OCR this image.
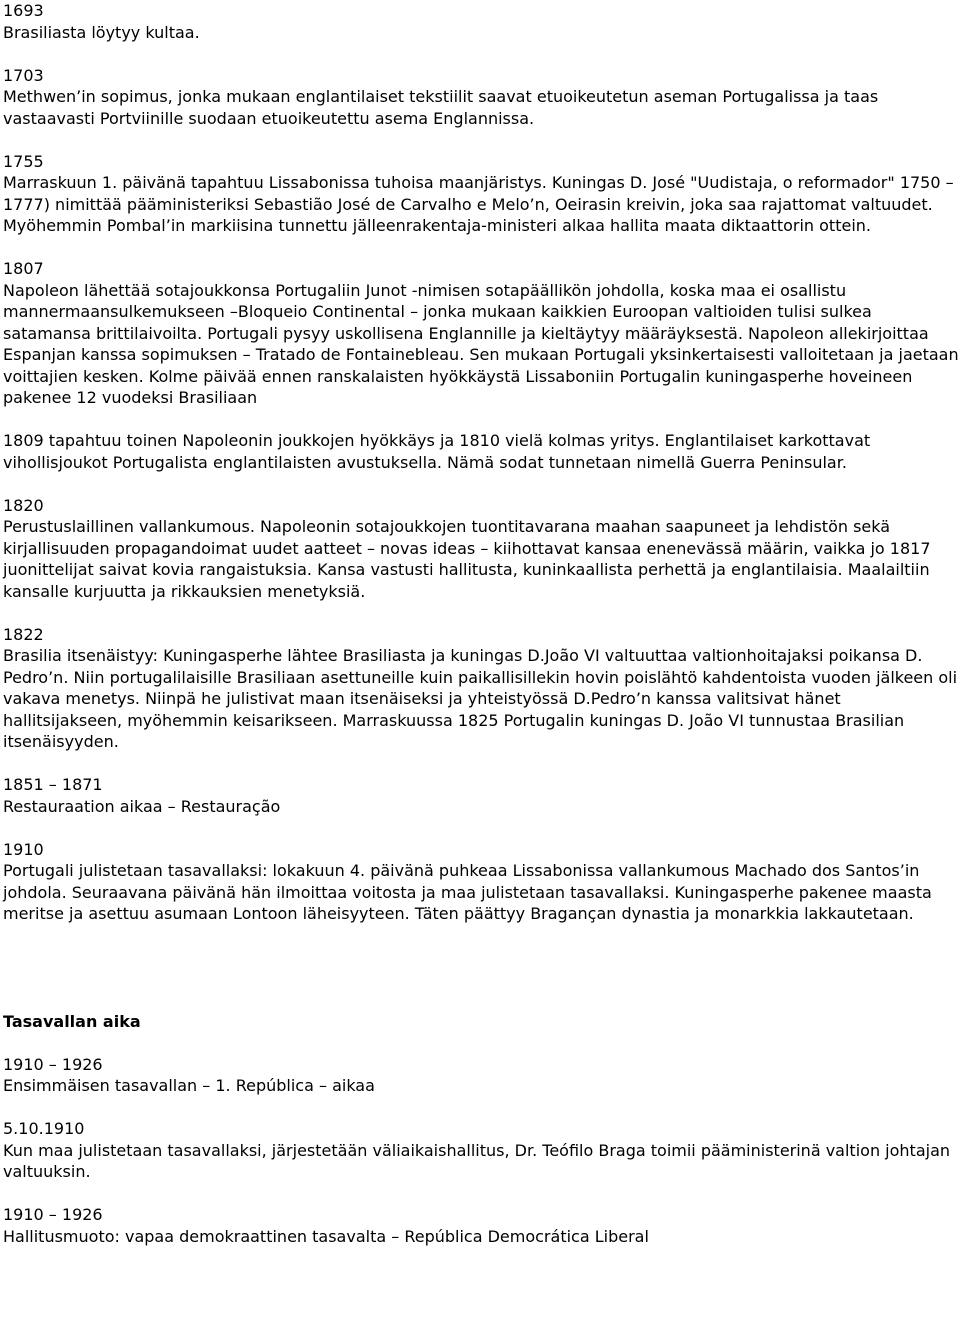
1693

Brasiliasta löytyy kultaa.

1703

Methwen’in sopimus, jonka mukaan englantilaiset tekstiilit saavat etuoikeutetun aseman Portugalissa ja taas vastaavasti Portviinille suodaan etuoikeutettu asema Englannissa.

1755

Marraskuun 1. päivänä tapahtuu Lissabonissa tuhoisa maanjäristys. Kuningas D. José "Uudistaja, o reformador" 1750 – 1777) nimittää pääministeriksi Sebastião José de Carvalho e Melo’n, Oeirasin kreivin, joka saa rajattomat valtuudet. Myöhemmin Pombal’in markiisina tunnettu jälleenrakentaja-ministeri alkaa hallita maata diktaattorin ottein.

1807

Napoleon lähettää sotajoukkonsa Portugaliin Junot -nimisen sotapäällikön johdolla, koska maa ei osallistu mannermaansulkemukseen –Bloqueio Continental – jonka mukaan kaikkien Euroopan valtioiden tulisi sulkea satamansa brittilaivoilta. Portugali pysyy uskollisena Englannille ja kieltäytyy määräyksestä. Napoleon allekirjoittaa Espanjan kanssa sopimuksen – Tratado de Fontainebleau. Sen mukaan Portugali yksinkertaisesti valloitetaan ja jaetaan voittajien kesken. Kolme päivää ennen ranskalaisten hyökkäystä Lissaboniin Portugalin kuningasperhe hoveineen pakenee 12 vuodeksi Brasiliaan

1809 tapahtuu toinen Napoleonin joukkojen hyökkäys ja 1810 vielä kolmas yritys. Englantilaiset karkottavat vihollisjoukot Portugalista englantilaisten avustuksella. Nämä sodat tunnetaan nimellä Guerra Peninsular.

1820

Perustuslaillinen vallankumous. Napoleonin sotajoukkojen tuontitavarana maahan saapuneet ja lehdistön sekä kirjallisuuden propagandoimat uudet aatteet – novas ideas – kiihottavat kansaa enenevässä määrin, vaikka jo 1817 juonittelijat saivat kovia rangaistuksia. Kansa vastusti hallitusta, kuninkaallista perhettä ja englantilaisia. Maalailtiin kansalle kurjuutta ja rikkauksien menetyksiä.

1822

Brasilia itsenäistyy: Kuningasperhe lähtee Brasiliasta ja kuningas D.João VI valtuuttaa valtionhoitajaksi poikansa D. Pedro’n. Niin portugalilaisille Brasiliaan asettuneille kuin paikallisillekin hovin poislähtö kahdentoista vuoden jälkeen oli vakava menetys. Niinpä he julistivat maan itsenäiseksi ja yhteistyössä D.Pedro’n kanssa valitsivat hänet hallitsijakseen, myöhemmin keisarikseen. Marraskuussa 1825 Portugalin kuningas D. João VI tunnustaa Brasilian itsenäisyyden.

1851 – 1871

Restauraation aikaa – Restauração

1910

Portugali julistetaan tasavallaksi: lokakuun 4. päivänä puhkeaa Lissabonissa vallankumous Machado dos Santos’in johdola. Seuraavana päivänä hän ilmoittaa voitosta ja maa julistetaan tasavallaksi. Kuningasperhe pakenee maasta meritse ja asettuu asumaan Lontoon läheisyyteen. Täten päättyy Bragançan dynastia ja monarkkia lakkautetaan.

Tasavallan aika

1910 – 1926

Ensimmäisen tasavallan – 1. República – aikaa

5.10.1910

Kun maa julistetaan tasavallaksi, järjestetään väliaikaishallitus, Dr. Teófilo Braga toimii pääministerinä valtion johtajan valtuuksin.

1910 – 1926

Hallitusmuoto: vapaa demokraattinen tasavalta – República Democrática Liberal
